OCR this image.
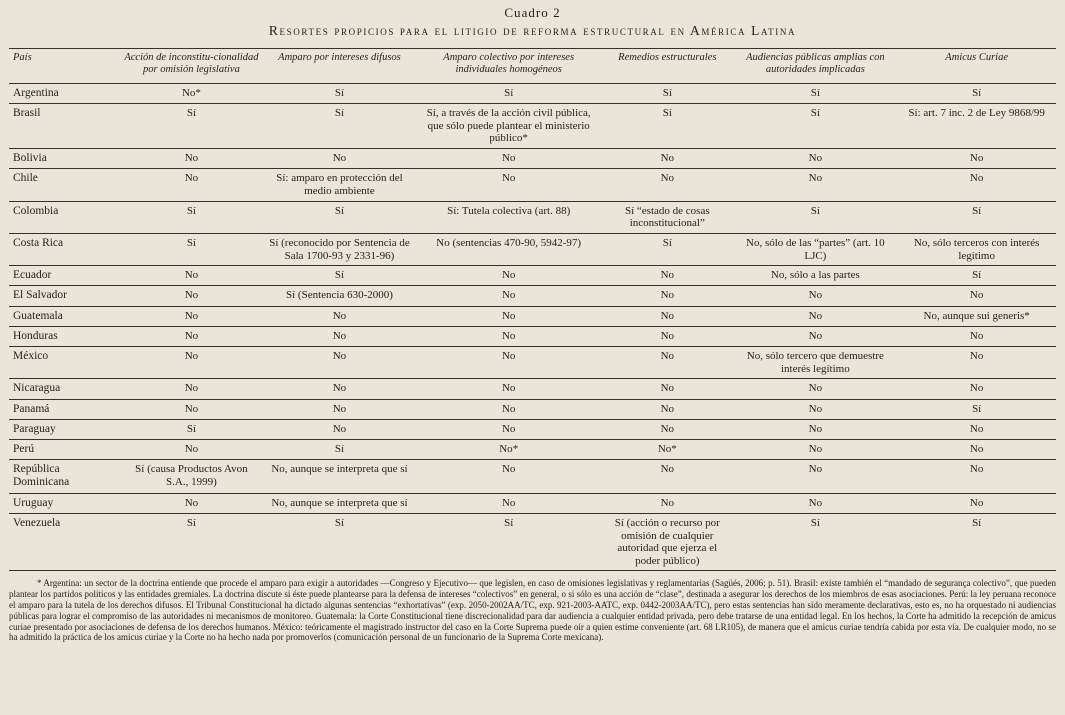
Cuadro 2
Resortes propicios para el litigio de reforma estructural en América Latina
País	Acción de inconstitu-cionalidad por omisión legislativa	Amparo por intereses difusos	Amparo colectivo por intereses individuales homogéneos	Remedios estructurales	Audiencias públicas amplias con autoridades implicadas	Amicus Curiae
Argentina	No*	Sí	Sí	Sí	Sí	Sí
Brasil	Sí	Sí	Sí, a través de la acción civil pública, que sólo puede plantear el ministerio público*	Sí	Sí	Sí: art. 7 inc. 2 de Ley 9868/99
Bolivia	No	No	No	No	No	No
Chile	No	Sí: amparo en protección del medio ambiente	No	No	No	No
Colombia	Sí	Sí	Sí: Tutela colectiva (art. 88)	Sí “estado de cosas inconstitucional”	Sí	Sí
Costa Rica	Sí	Sí (reconocido por Sentencia de Sala 1700-93 y 2331-96)	No (sentencias 470-90, 5942-97)	Sí	No, sólo de las “partes” (art. 10 LJC)	No, sólo terceros con interés legítimo
Ecuador	No	Sí	No	No	No, sólo a las partes	Sí
El Salvador	No	Sí (Sentencia 630-2000)	No	No	No	No
Guatemala	No	No	No	No	No	No, aunque sui generis*
Honduras	No	No	No	No	No	No
México	No	No	No	No	No, sólo tercero que demuestre interés legítimo	No
Nicaragua	No	No	No	No	No	No
Panamá	No	No	No	No	No	Sí
Paraguay	Sí	No	No	No	No	No
Perú	No	Sí	No*	No*	No	No
República Dominicana	Sí (causa Productos Avon S.A., 1999)	No, aunque se interpreta que sí	No	No	No	No
Uruguay	No	No, aunque se interpreta que sí	No	No	No	No
Venezuela	Sí	Sí	Sí	Sí (acción o recurso por omisión de cualquier autoridad que ejerza el poder público)	Sí	Sí
* Argentina: un sector de la doctrina entiende que procede el amparo para exigir a autoridades —Congreso y Ejecutivo— que legislen, en caso de omisiones legislativas y reglamentarias (Sagüés, 2006; p. 51). Brasil: existe también el “mandado de segurança colectivo”, que pueden plantear los partidos políticos y las entidades gremiales. La doctrina discute si éste puede plantearse para la defensa de intereses “colectivos” en general, o si sólo es una acción de “clase”, destinada a asegurar los derechos de los miembros de esas asociaciones. Perú: la ley peruana reconoce el amparo para la tutela de los derechos difusos. El Tribunal Constitucional ha dictado algunas sentencias “exhortativas” (exp. 2050-2002AA/TC, exp. 921-2003-AATC, exp. 0442-2003AA/TC), pero estas sentencias han sido meramente declarativas, esto es, no ha orquestado ni audiencias públicas para lograr el compromiso de las autoridades ni mecanismos de monitoreo. Guatemala: la Corte Constitucional tiene discrecionalidad para dar audiencia a cualquier entidad privada, pero debe tratarse de una entidad legal. En los hechos, la Corte ha admitido la recepción de amicus curiae presentado por asociaciones de defensa de los derechos humanos. México: teóricamente el magistrado instructor del caso en la Corte Suprema puede oír a quien estime conveniente (art. 68 LR105), de manera que el amicus curiae tendría cabida por esta vía. De cualquier modo, no se ha admitido la práctica de los amicus curiae y la Corte no ha hecho nada por promoverlos (comunicación personal de un funcionario de la Suprema Corte mexicana).
